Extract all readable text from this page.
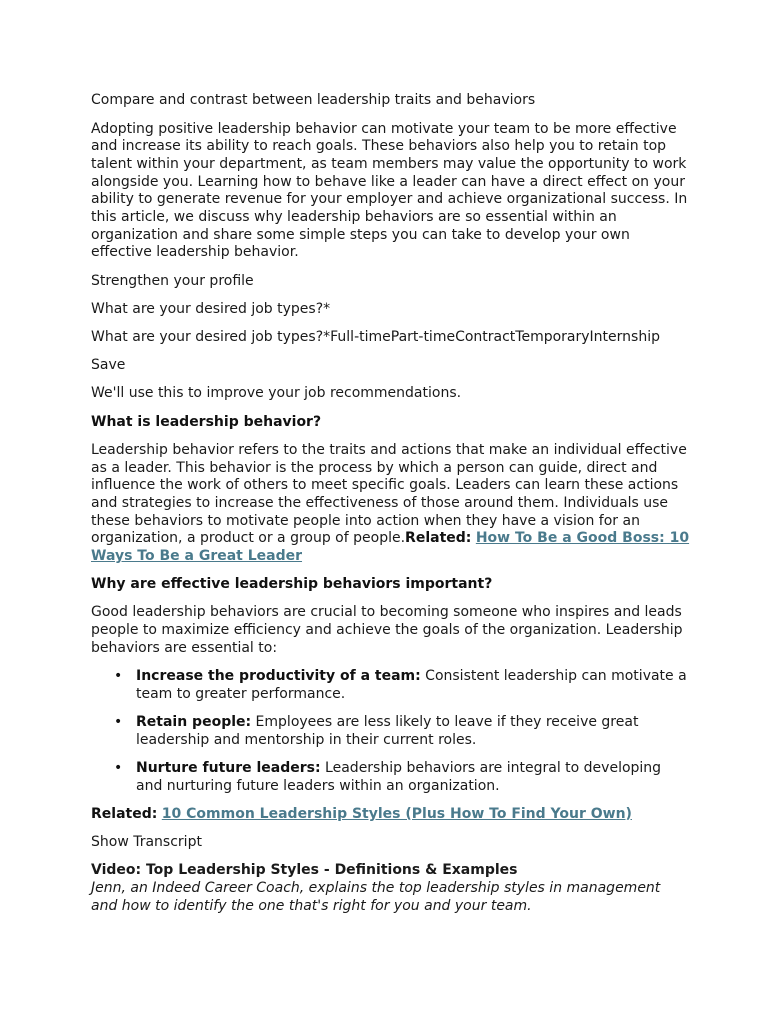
Compare and contrast between leadership traits and behaviors

Adopting positive leadership behavior can motivate your team to be more effective and increase its ability to reach goals. These behaviors also help you to retain top talent within your department, as team members may value the opportunity to work alongside you. Learning how to behave like a leader can have a direct effect on your ability to generate revenue for your employer and achieve organizational success. In this article, we discuss why leadership behaviors are so essential within an organization and share some simple steps you can take to develop your own effective leadership behavior.

Strengthen your profile

What are your desired job types?*

What are your desired job types?*Full-timePart-timeContractTemporaryInternship

Save

We'll use this to improve your job recommendations.

What is leadership behavior?

Leadership behavior refers to the traits and actions that make an individual effective as a leader. This behavior is the process by which a person can guide, direct and influence the work of others to meet specific goals. Leaders can learn these actions and strategies to increase the effectiveness of those around them. Individuals use these behaviors to motivate people into action when they have a vision for an organization, a product or a group of people.Related: How To Be a Good Boss: 10 Ways To Be a Great Leader

Why are effective leadership behaviors important?

Good leadership behaviors are crucial to becoming someone who inspires and leads people to maximize efficiency and achieve the goals of the organization. Leadership behaviors are essential to:

• Increase the productivity of a team: Consistent leadership can motivate a team to greater performance.
• Retain people: Employees are less likely to leave if they receive great leadership and mentorship in their current roles.
• Nurture future leaders: Leadership behaviors are integral to developing and nurturing future leaders within an organization.

Related: 10 Common Leadership Styles (Plus How To Find Your Own)

Show Transcript

Video: Top Leadership Styles - Definitions & Examples

Jenn, an Indeed Career Coach, explains the top leadership styles in management and how to identify the one that's right for you and your team.
